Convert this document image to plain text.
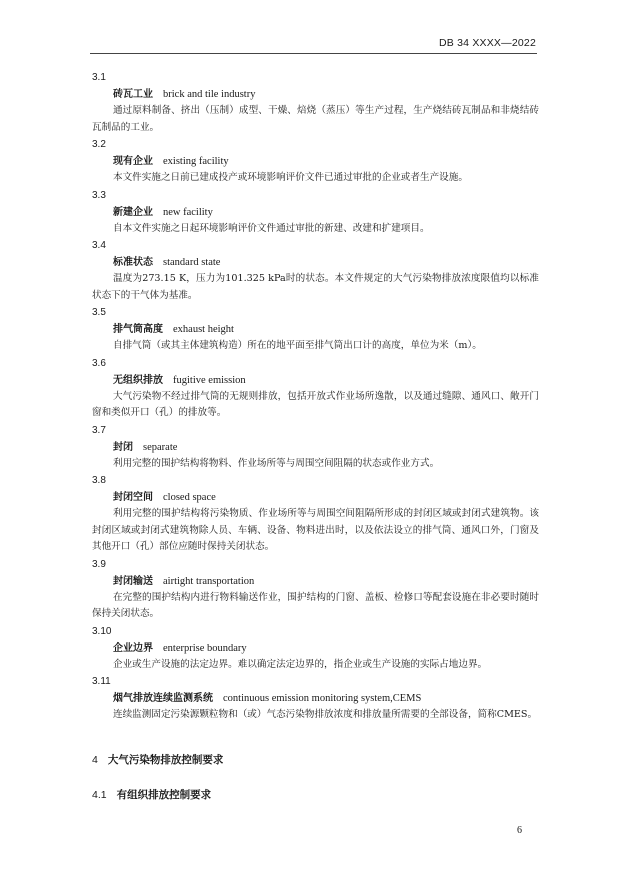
DB 34 XXXX—2022
3.1
砖瓦工业 brick and tile industry

通过原料制备、挤出（压制）成型、干燥、焙烧（蒸压）等生产过程，生产烧结砖瓦制品和非烧结砖瓦制品的工业。

3.2
现有企业 existing facility

本文件实施之日前已建成投产或环境影响评价文件已通过审批的企业或者生产设施。

3.3
新建企业 new facility

自本文件实施之日起环境影响评价文件通过审批的新建、改建和扩建项目。

3.4
标准状态 standard state

温度为273.15 K，压力为101.325 kPa时的状态。本文件规定的大气污染物排放浓度限值均以标准状态下的干气体为基准。

3.5
排气筒高度 exhaust height

自排气筒（或其主体建筑构造）所在的地平面至排气筒出口计的高度，单位为米（m）。

3.6
无组织排放 fugitive emission

大气污染物不经过排气筒的无规则排放，包括开放式作业场所逸散，以及通过缝隙、通风口、敞开门窗和类似开口（孔）的排放等。

3.7
封闭 separate

利用完整的围护结构将物料、作业场所等与周围空间阻隔的状态或作业方式。

3.8
封闭空间 closed space

利用完整的围护结构将污染物质、作业场所等与周围空间阻隔所形成的封闭区域或封闭式建筑物。该封闭区域或封闭式建筑物除人员、车辆、设备、物料进出时，以及依法设立的排气筒、通风口外，门窗及其他开口（孔）部位应随时保持关闭状态。

3.9
封闭输送 airtight transportation

在完整的围护结构内进行物料输送作业，围护结构的门窗、盖板、检修口等配套设施在非必要时随时保持关闭状态。

3.10
企业边界 enterprise boundary

企业或生产设施的法定边界。难以确定法定边界的，指企业或生产设施的实际占地边界。

3.11
烟气排放连续监测系统 continuous emission monitoring system,CEMS

连续监测固定污染源颗粒物和（或）气态污染物排放浓度和排放量所需要的全部设备，简称CMES。

4 大气污染物排放控制要求
4.1 有组织排放控制要求
6
